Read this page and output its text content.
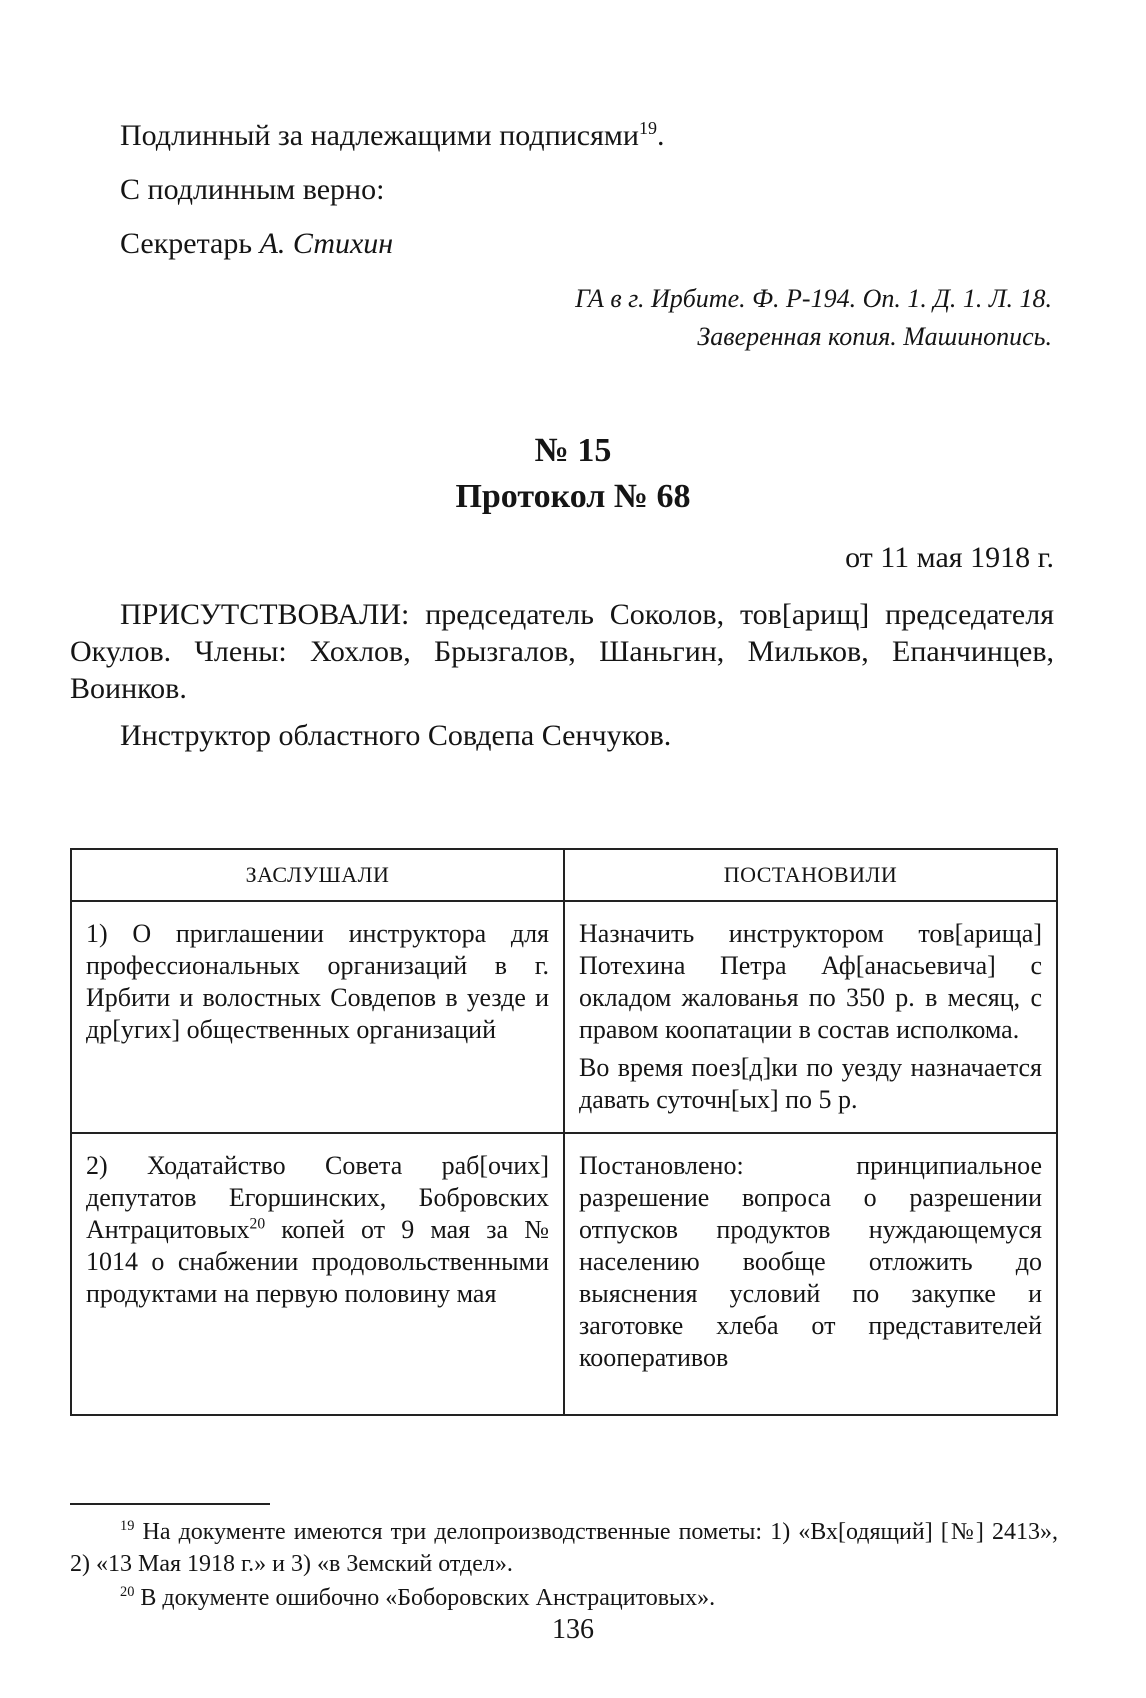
Подлинный за надлежащими подписями$^{19}$.
С подлинным верно:
Секретарь А. Стихин
ГА в г. Ирбите. Ф. Р-194. Оп. 1. Д. 1. Л. 18.
Заверенная копия. Машинопись.
№ 15
Протокол № 68
от 11 мая 1918 г.
ПРИСУТСТВОВАЛИ: председатель Соколов, тов[арищ] председателя Окулов. Члены: Хохлов, Брызгалов, Шаньгин, Мильков, Епанчинцев, Воинков.
Инструктор областного Совдепа Сенчуков.
ЗАСЛУШАЛИ	ПОСТАНОВИЛИ

1) О приглашении инструктора для профессиональных организаций в г. Ирбити и волостных Совдепов в уезде и др[угих] общественных организаций	Назначить инструктором тов[арища] Потехина Петра Аф[анасьевича] с окладом жалованья по 350 р. в месяц, с правом коопатации в состав исполкома.

Во время поез[д]ки по уезду назначается давать суточн[ых] по 5 р.

2) Ходатайство Совета раб[очих] депутатов Егоршинских, Бобровских Антрацитовых$^{20}$ копей от 9 мая за № 1014 о снабжении продовольственными продуктами на первую половину мая	Постановлено: принципиальное разрешение вопроса о разрешении отпусков продуктов нуждающемуся населению вообще отложить до выяснения условий по закупке и заготовке хлеба от представителей кооперативов

$^{19}$ На документе имеются три делопроизводственные пометы: 1) «Вх[одящий] [№] 2413», 2) «13 Мая 1918 г.» и 3) «в Земский отдел».
$^{20}$ В документе ошибочно «Боборовских Анстрацитовых».
136
